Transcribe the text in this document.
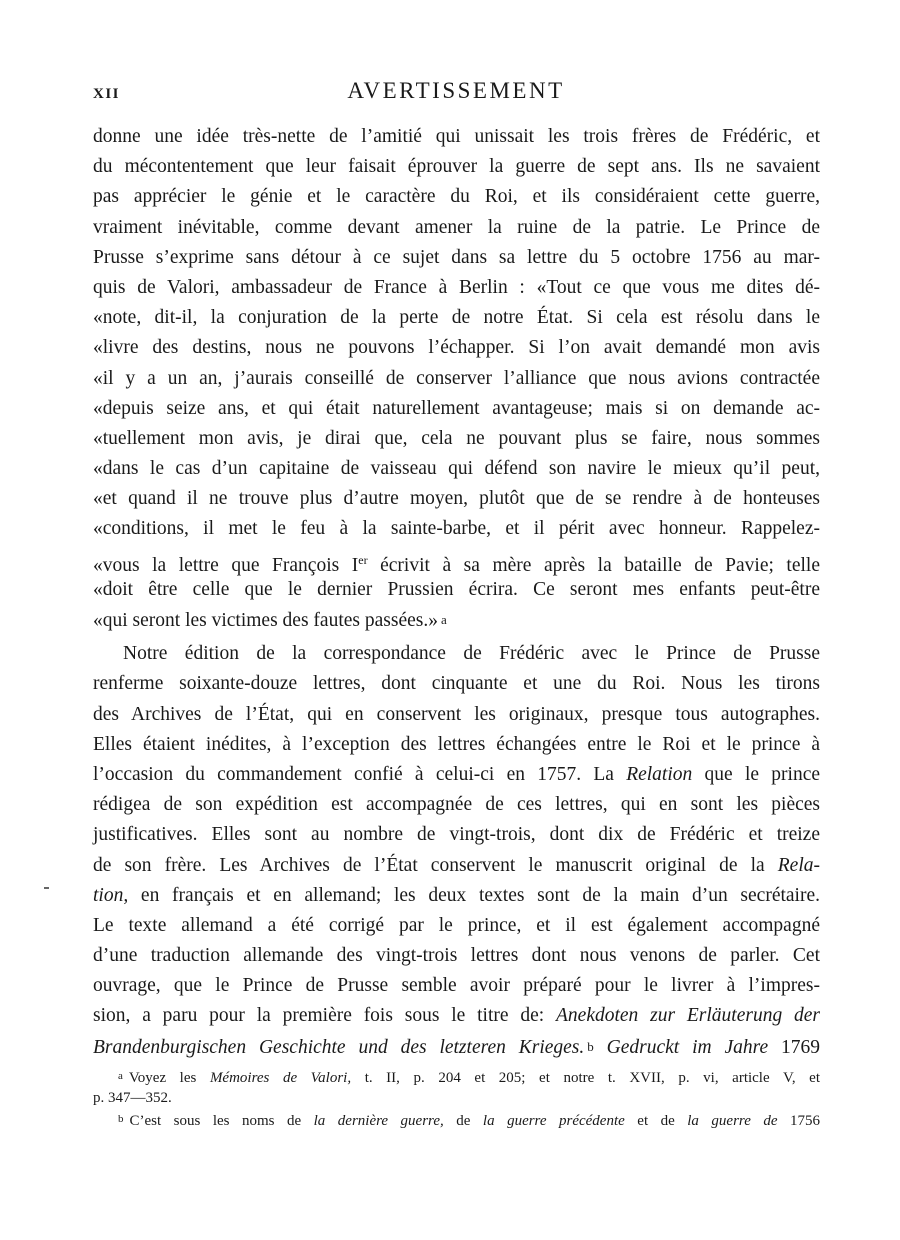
XII	AVERTISSEMENT
donne une idée très-nette de l’amitié qui unissait les trois frères de Frédéric, et
du mécontentement que leur faisait éprouver la guerre de sept ans. Ils ne savaient
pas apprécier le génie et le caractère du Roi, et ils considéraient cette guerre,
vraiment inévitable, comme devant amener la ruine de la patrie. Le Prince de
Prusse s’exprime sans détour à ce sujet dans sa lettre du 5 octobre 1756 au mar-
quis de Valori, ambassadeur de France à Berlin : «Tout ce que vous me dites dé-
«note, dit-il, la conjuration de la perte de notre État. Si cela est résolu dans le
«livre des destins, nous ne pouvons l’échapper. Si l’on avait demandé mon avis
«il y a un an, j’aurais conseillé de conserver l’alliance que nous avions contractée
«depuis seize ans, et qui était naturellement avantageuse; mais si on demande ac-
«tuellement mon avis, je dirai que, cela ne pouvant plus se faire, nous sommes
«dans le cas d’un capitaine de vaisseau qui défend son navire le mieux qu’il peut,
«et quand il ne trouve plus d’autre moyen, plutôt que de se rendre à de honteuses
«conditions, il met le feu à la sainte-barbe, et il périt avec honneur. Rappelez-
«vous la lettre que François Ier écrivit à sa mère après la bataille de Pavie; telle
«doit être celle que le dernier Prussien écrira. Ce seront mes enfants peut-être
«qui seront les victimes des fautes passées.» a
Notre édition de la correspondance de Frédéric avec le Prince de Prusse
renferme soixante-douze lettres, dont cinquante et une du Roi. Nous les tirons
des Archives de l’État, qui en conservent les originaux, presque tous autographes.
Elles étaient inédites, à l’exception des lettres échangées entre le Roi et le prince à
l’occasion du commandement confié à celui-ci en 1757. La Relation que le prince
rédigea de son expédition est accompagnée de ces lettres, qui en sont les pièces
justificatives. Elles sont au nombre de vingt-trois, dont dix de Frédéric et treize
de son frère. Les Archives de l’État conservent le manuscrit original de la Rela-
tion, en français et en allemand; les deux textes sont de la main d’un secrétaire.
Le texte allemand a été corrigé par le prince, et il est également accompagné
d’une traduction allemande des vingt-trois lettres dont nous venons de parler. Cet
ouvrage, que le Prince de Prusse semble avoir préparé pour le livrer à l’impres-
sion, a paru pour la première fois sous le titre de: Anekdoten zur Erläuterung der
Brandenburgischen Geschichte und des letzteren Krieges. b Gedruckt im Jahre 1769
$^a$ Voyez les Mémoires de Valori, t. II, p. 204 et 205; et notre t. XVII, p. vi, article V, et
p. 347—352.
$^b$ C’est sous les noms de la dernière guerre, de la guerre précédente et de la guerre de 1756
